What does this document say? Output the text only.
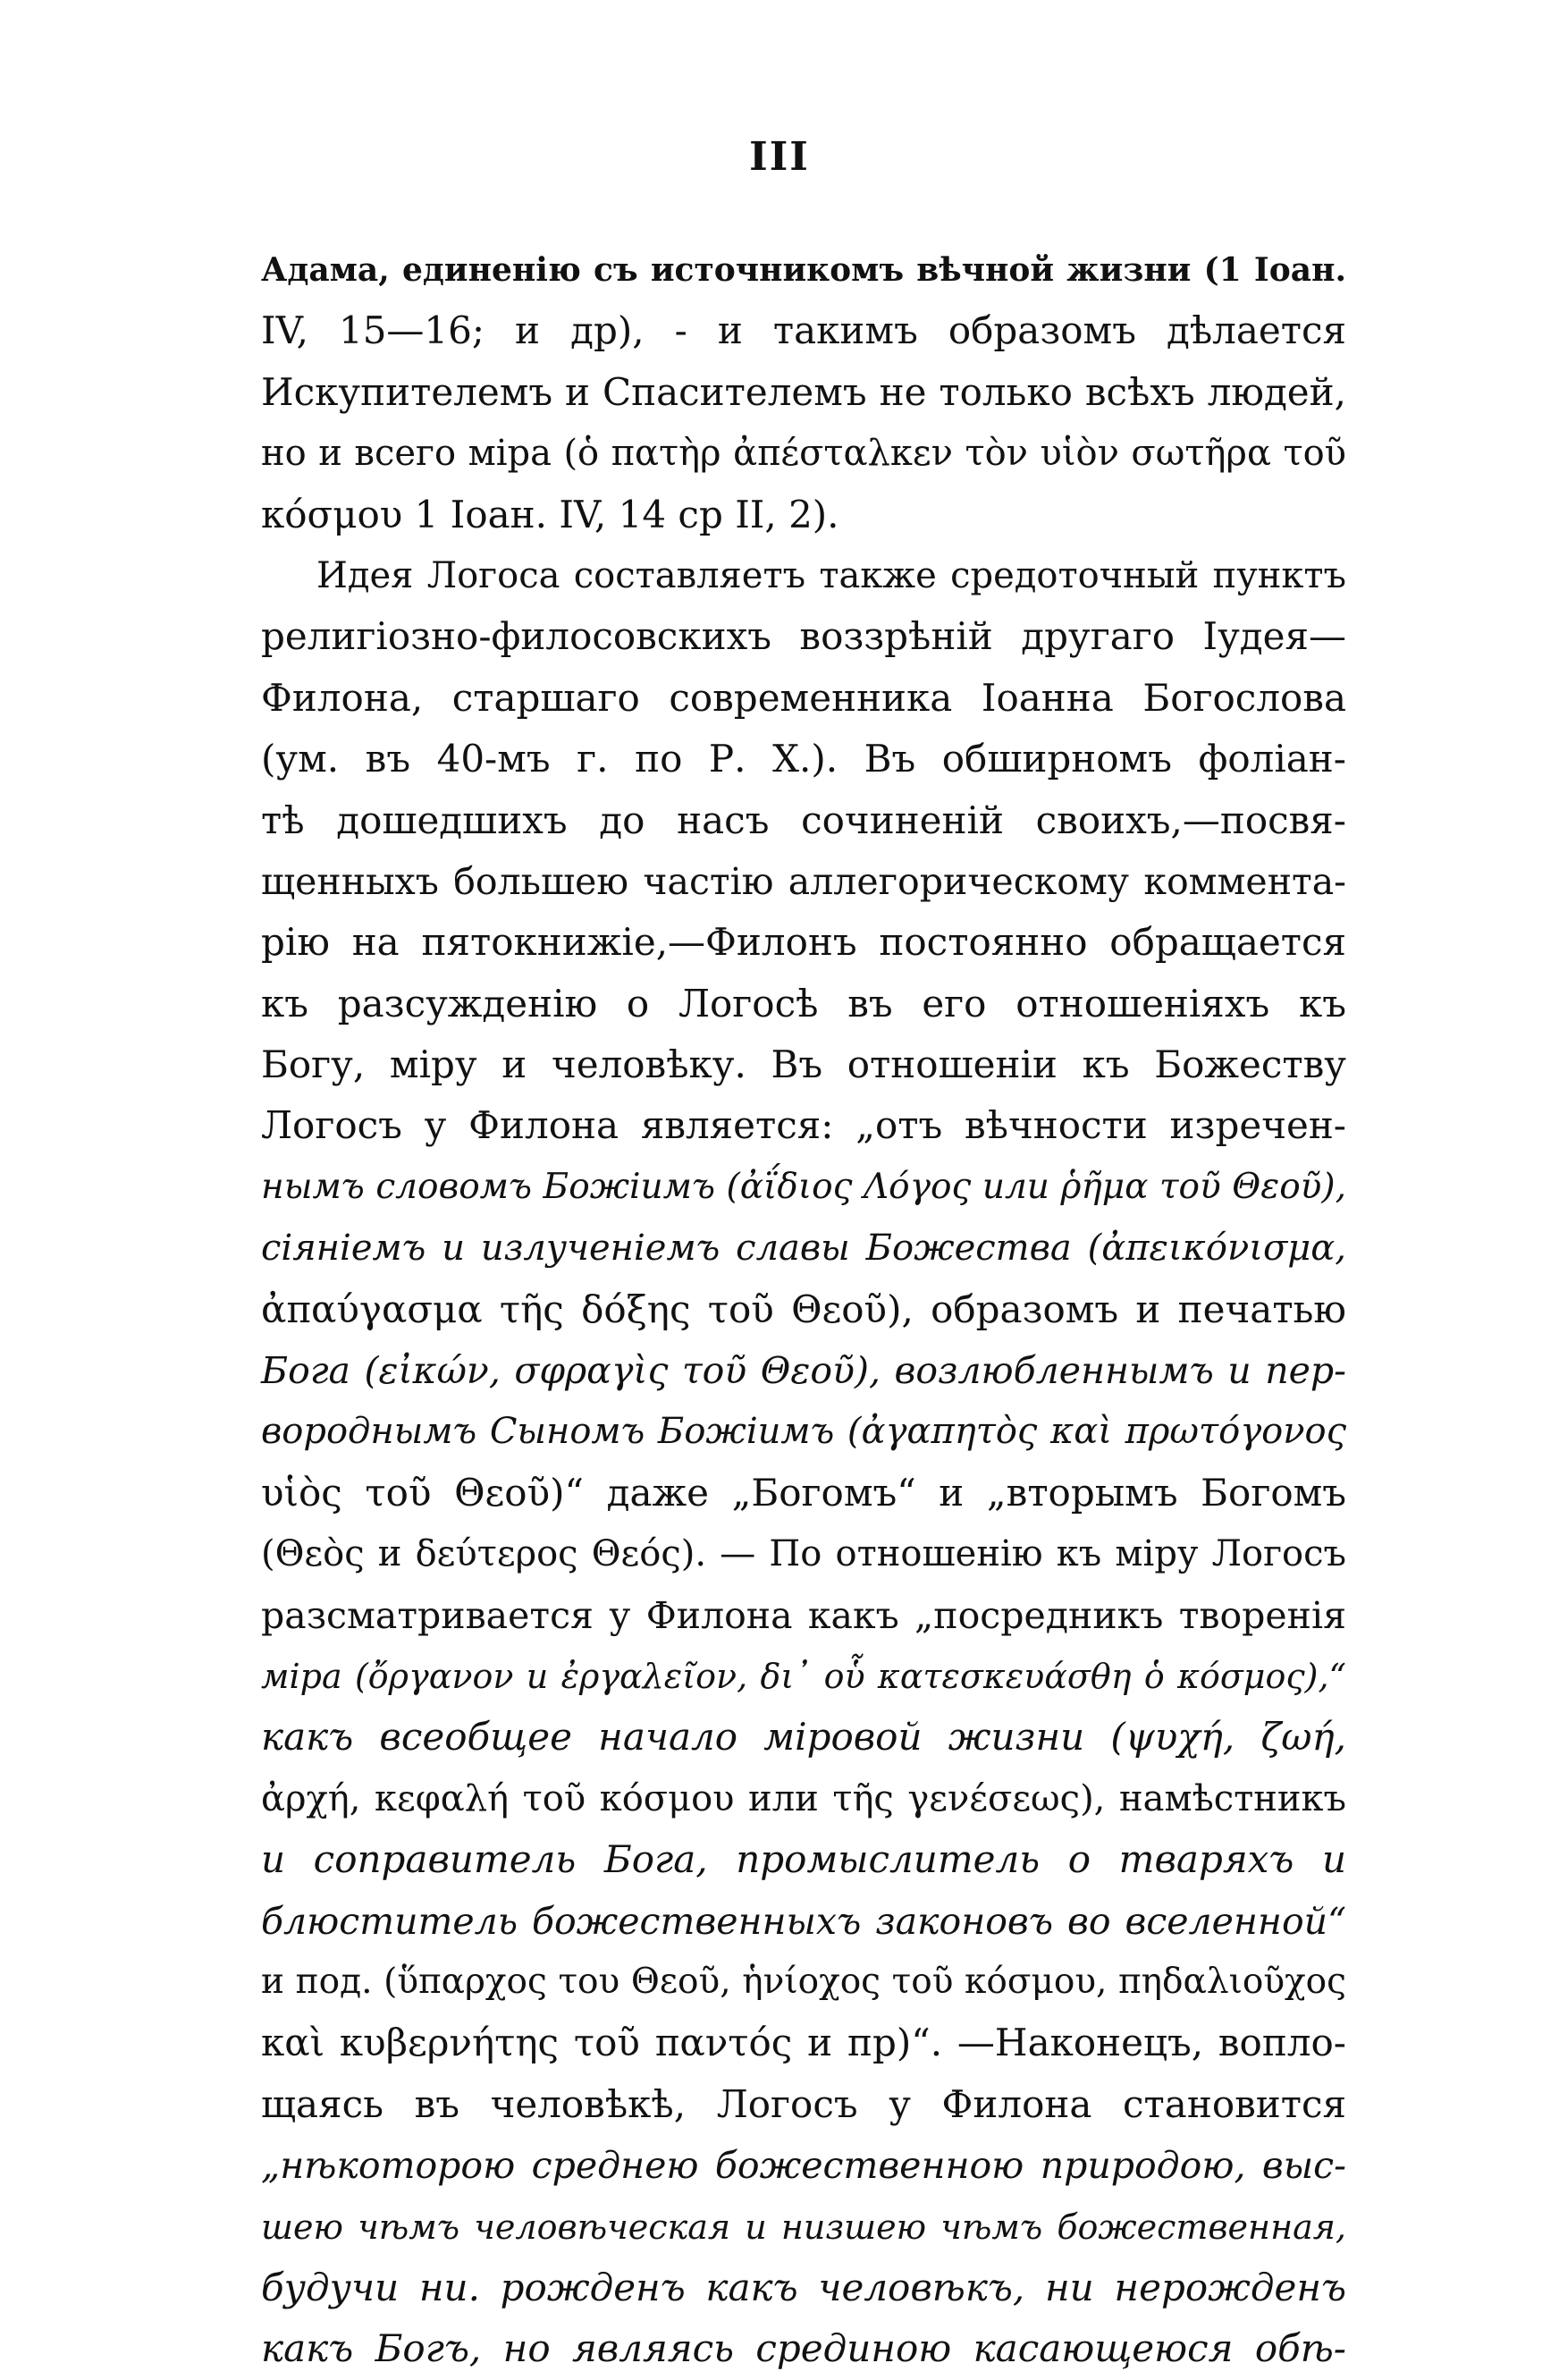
III
Адама, единенію съ источникомъ вѣчной жизни (1 Іоан.
IV, 15—16; и др), - и такимъ образомъ дѣлается
Искупителемъ и Спасителемъ не только всѣхъ людей,
но и всего міра (ὁ πατὴρ ἀπέσταλκεν τὸν υἱὸν σωτῆρα τοῦ
κόσμου 1 Іоан. IV, 14 ср II, 2).
Идея Логоса составляетъ также средоточный пунктъ
религіозно-филосовскихъ воззрѣній другаго Іудея—
Филона, старшаго современника Іоанна Богослова
(ум. въ 40-мъ г. по Р. Х.). Въ обширномъ фоліан-
тѣ дошедшихъ до насъ сочиненій своихъ,—посвя-
щенныхъ большею частію аллегорическому коммента-
рію на пятокнижіе,—Филонъ постоянно обращается
къ разсужденію о Логосѣ въ его отношеніяхъ къ
Богу, міру и человѣку. Въ отношеніи къ Божеству
Логосъ у Филона является: „отъ вѣчности изречен-
нымъ словомъ Божіимъ (ἀΐδιος Λόγος или ῥῆμα τοῦ Θεοῦ),
сіяніемъ и излученіемъ славы Божества (ἀπεικόνισμα,
ἀπαύγασμα τῆς δόξης τοῦ Θεοῦ), образомъ и печатью
Бога (εἰκών, σφραγὶς τοῦ Θεοῦ), возлюбленнымъ и пер-
вороднымъ Сыномъ Божіимъ (ἀγαπητὸς καὶ πρωτόγονος
υἱὸς τοῦ Θεοῦ)“ даже „Богомъ“ и „вторымъ Богомъ
(Θεὸς и δεύτερος Θεός). — По отношенію къ міру Логосъ
разсматривается у Филона какъ „посредникъ творенія
міра (ὄργανον и ἐργαλεῖον, δι᾽ οὗ κατεσκευάσθη ὁ κόσμος),“
какъ всеобщее начало міровой жизни (ψυχή, ζωή,
ἀρχή, κεφαλή τοῦ κόσμου или τῆς γενέσεως), намѣстникъ
и соправитель Бога, промыслитель о тваряхъ и
блюститель божественныхъ законовъ во вселенной“
и под. (ὕπαρχος του Θεοῦ, ἡνίοχος τοῦ κόσμου, πηδαλιοῦχος
καὶ κυβερνήτης τοῦ παντός и пр)“. —Наконецъ, вопло-
щаясь въ человѣкѣ, Логосъ у Филона становится
„нѣкоторою среднею божественною природою, выс-
шею чѣмъ человѣческая и низшею чѣмъ божественная,
будучи ни. рожденъ какъ человѣкъ, ни нерожденъ
какъ Богъ, но являясь срединою касающеюся обѣ-
